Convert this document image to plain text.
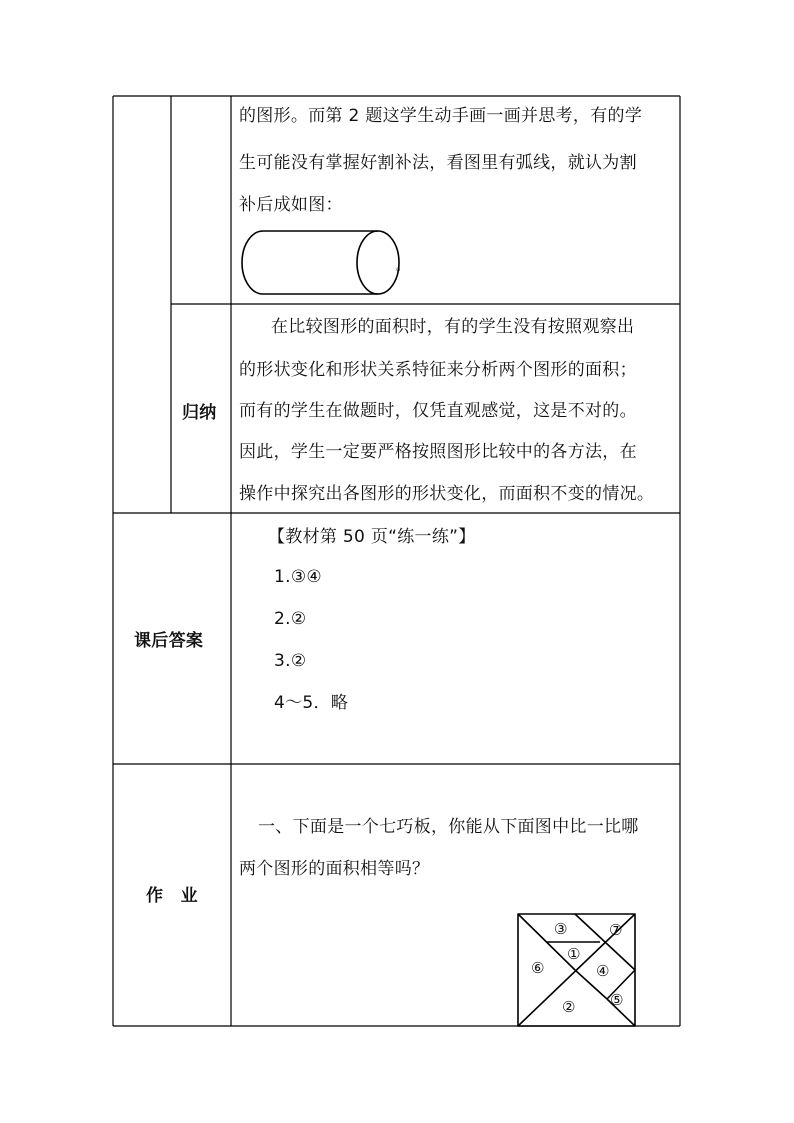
的图形。而第 2 题这学生动手画一画并思考，有的学
生可能没有掌握好割补法，看图里有弧线，就认为割
补后成如图：
。
归纳
在比较图形的面积时，有的学生没有按照观察出
的形状变化和形状关系特征来分析两个图形的面积；
而有的学生在做题时，仅凭直观感觉，这是不对的。
因此，学生一定要严格按照图形比较中的各方法，在
操作中探究出各图形的形状变化，而面积不变的情况。
课后答案
【教材第 50 页“练一练”】
1.③④
2.②
3.②
4～5．略
作　业
一、下面是一个七巧板，你能从下面图中比一比哪
两个图形的面积相等吗？
③	⑦
①
⑥	④
⑤
②
